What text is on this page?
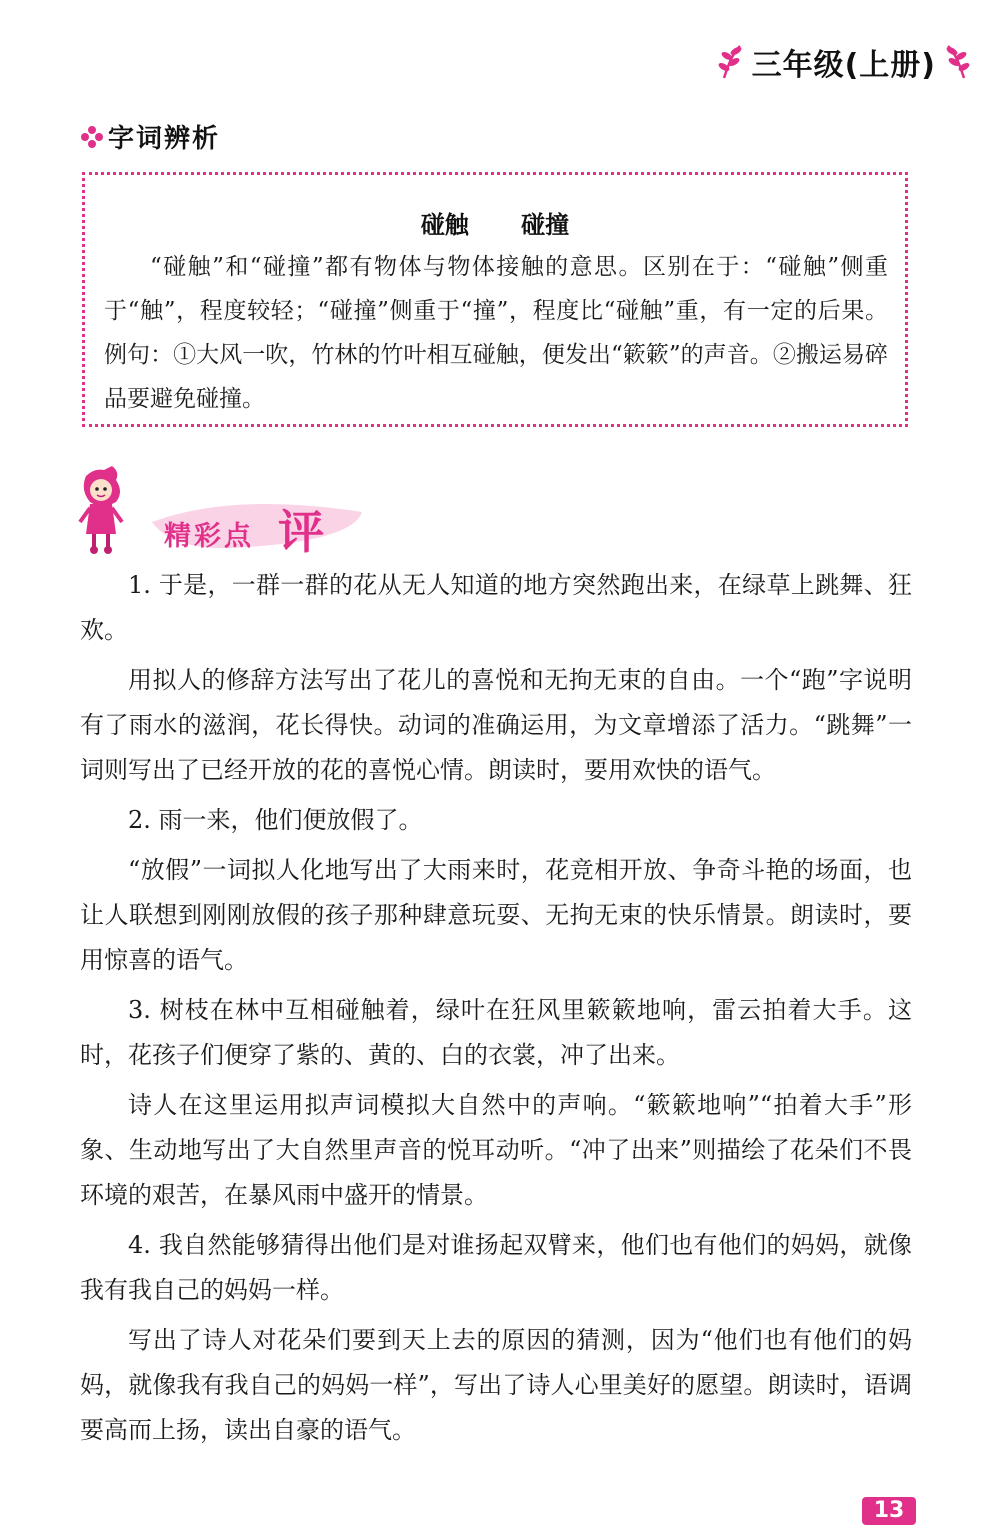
三年级(上册)
字词辨析
碰触 碰撞
“碰触”和“碰撞”都有物体与物体接触的意思。区别在于：“碰触”侧重于“触”，程度较轻；“碰撞”侧重于“撞”，程度比“碰触”重，有一定的后果。例句：①大风一吹，竹林的竹叶相互碰触，便发出“簌簌”的声音。②搬运易碎品要避免碰撞。
精彩点 评

1. 于是，一群一群的花从无人知道的地方突然跑出来，在绿草上跳舞、狂欢。

用拟人的修辞方法写出了花儿的喜悦和无拘无束的自由。一个“跑”字说明有了雨水的滋润，花长得快。动词的准确运用，为文章增添了活力。“跳舞”一词则写出了已经开放的花的喜悦心情。朗读时，要用欢快的语气。

2. 雨一来，他们便放假了。

“放假”一词拟人化地写出了大雨来时，花竞相开放、争奇斗艳的场面，也让人联想到刚刚放假的孩子那种肆意玩耍、无拘无束的快乐情景。朗读时，要用惊喜的语气。

3. 树枝在林中互相碰触着，绿叶在狂风里簌簌地响，雷云拍着大手。这时，花孩子们便穿了紫的、黄的、白的衣裳，冲了出来。

诗人在这里运用拟声词模拟大自然中的声响。“簌簌地响”“拍着大手”形象、生动地写出了大自然里声音的悦耳动听。“冲了出来”则描绘了花朵们不畏环境的艰苦，在暴风雨中盛开的情景。

4. 我自然能够猜得出他们是对谁扬起双臂来，他们也有他们的妈妈，就像我有我自己的妈妈一样。

写出了诗人对花朵们要到天上去的原因的猜测，因为“他们也有他们的妈妈，就像我有我自己的妈妈一样”，写出了诗人心里美好的愿望。朗读时，语调要高而上扬，读出自豪的语气。

13
